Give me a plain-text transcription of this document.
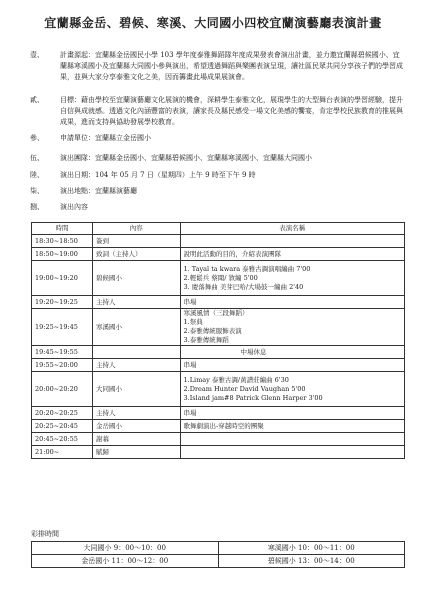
宜蘭縣金岳、碧候、寒溪、大同國小四校宜蘭演藝廳表演計畫
壹、	計畫源起：宜蘭縣金岳國民小學 103 學年度泰雅舞蹈隊年度成果發表會演出計畫，並力邀宜蘭縣碧候國小、宜蘭縣寒溪國小及宜蘭縣大同國小參與演出，希望透過舞蹈與樂團表演呈現，讓社區民眾共同分享孩子們的學習成果，並與大家分享泰雅文化之美，因而籌畫此場成果展演會。
貳、	目標：藉由學校至宜蘭演藝廳文化展演的機會，深耕學生泰雅文化，展現學生的大型舞台表演的學習經驗，提升自信與成就感。透過文化內涵豐富的表演，讓家長及縣民感受一場文化美感的饗宴，肯定學校民族教育的推展與成果，進而支持與協助發展學校教育。
參、	申請單位：宜蘭縣立金岳國小
伍、	演出團隊：宜蘭縣金岳國小、宜蘭縣碧候國小、宜蘭縣寒溪國小、宜蘭縣大同國小
陸、	演出日期：104 年 05 月 7 日（星期四）上午 9 時至下午 9 時
柒、	演出地點：宜蘭縣演藝廳
捌、	演出內容
時間	內容	表演名稱
18:30~18:50	簽到	

18:50~19:00	致詞（主持人）	說明此活動的目的，介紹表演團隊

19:00~19:20	碧候國小	1. Tayal ta kwara 泰雅古調演唱編曲 7'00
2.輕鬆兵 蔡聞/ 敘編 5'00
3. 慶落舞曲 美芽巴哈/大場鼓一編曲 2'40

19:20~19:25	主持人	串場

19:25~19:45	寒溪國小	寒溪風情（三段舞蹈）
1.祭典
2.泰雅傳統服飾表演
3.泰雅傳統舞蹈

19:45~19:55		中場休息

19:55~20:00	主持人	串場

20:00~20:20	大同國小	1.Limay 泰雅古調/黃譜莊編曲 6'30
2.Dream Hunter David Vaughan 5'00
3.Island jam#8 Patrick Glenn Harper 3'00

20:20~20:25	主持人	串場

20:25~20:45	金岳國小	歌舞劇演出-穿越時空的團聚

20:45~20:55	謝幕	

21:00~	賦歸	
彩排時間
大同國小 9：00～10：00	寒溪國小 10：00～11：00
金岳國小 11：00～12：00	碧候國小 13：00～14：00
